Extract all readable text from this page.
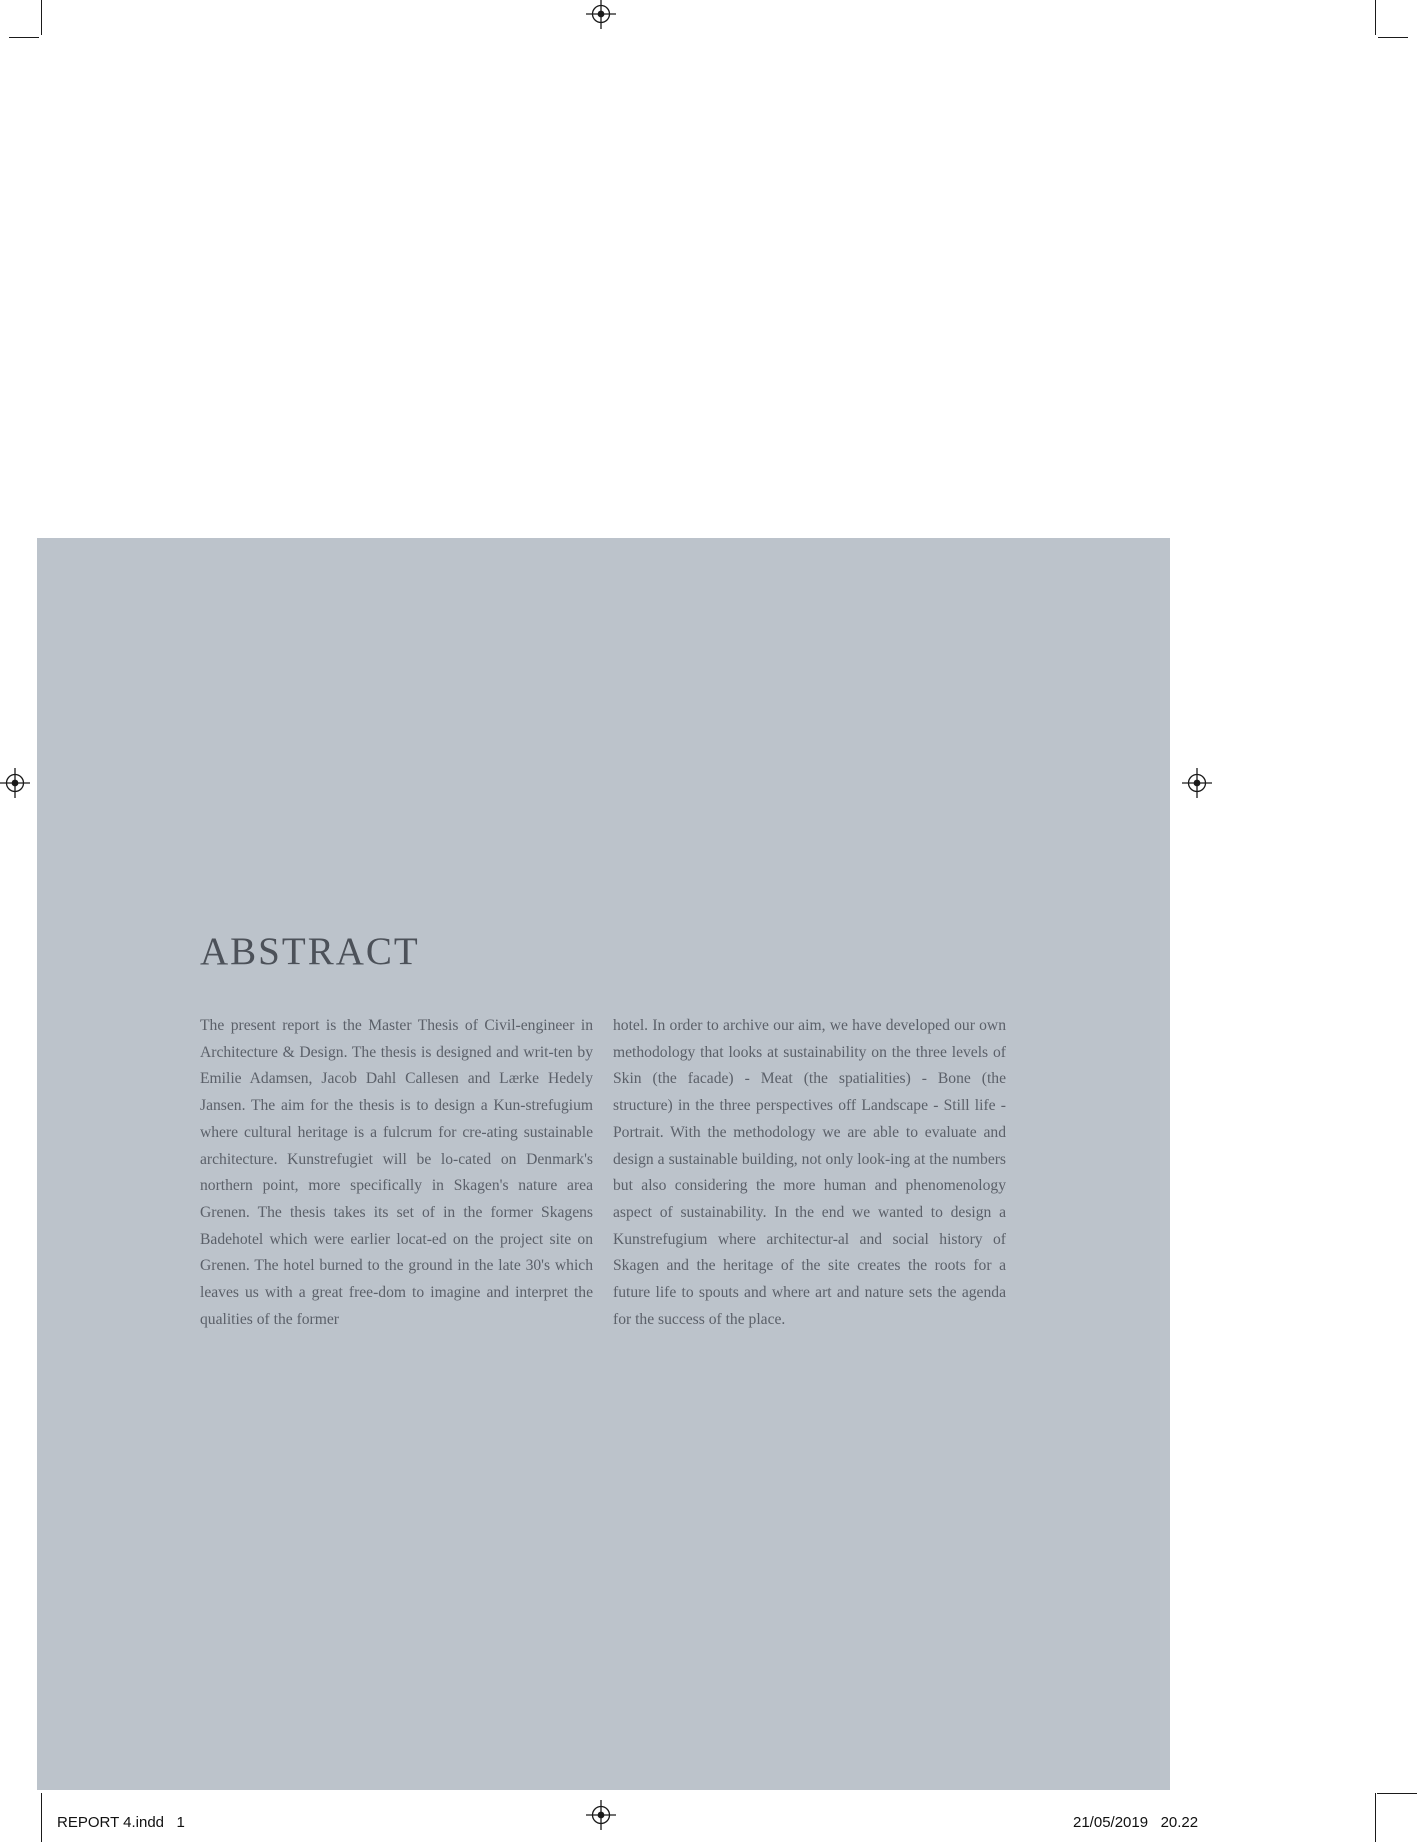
ABSTRACT

The present report is the Master Thesis of Civil-engineer in Architecture & Design. The thesis is designed and writ-ten by Emilie Adamsen, Jacob Dahl Callesen and Lærke Hedely Jansen. The aim for the thesis is to design a Kun-strefugium where cultural heritage is a fulcrum for cre-ating sustainable architecture. Kunstrefugiet will be lo-cated on Denmark's northern point, more specifically in Skagen's nature area Grenen. The thesis takes its set of in the former Skagens Badehotel which were earlier locat-ed on the project site on Grenen. The hotel burned to the ground in the late 30's which leaves us with a great free-dom to imagine and interpret the qualities of the former

hotel. In order to archive our aim, we have developed our own methodology that looks at sustainability on the three levels of Skin (the facade) - Meat (the spatialities) - Bone (the structure) in the three perspectives off Landscape - Still life - Portrait. With the methodology we are able to evaluate and design a sustainable building, not only look-ing at the numbers but also considering the more human and phenomenology aspect of sustainability. In the end we wanted to design a Kunstrefugium where architectur-al and social history of Skagen and the heritage of the site creates the roots for a future life to spouts and where art and nature sets the agenda for the success of the place.

REPORT 4.indd   1	21/05/2019   20.22
